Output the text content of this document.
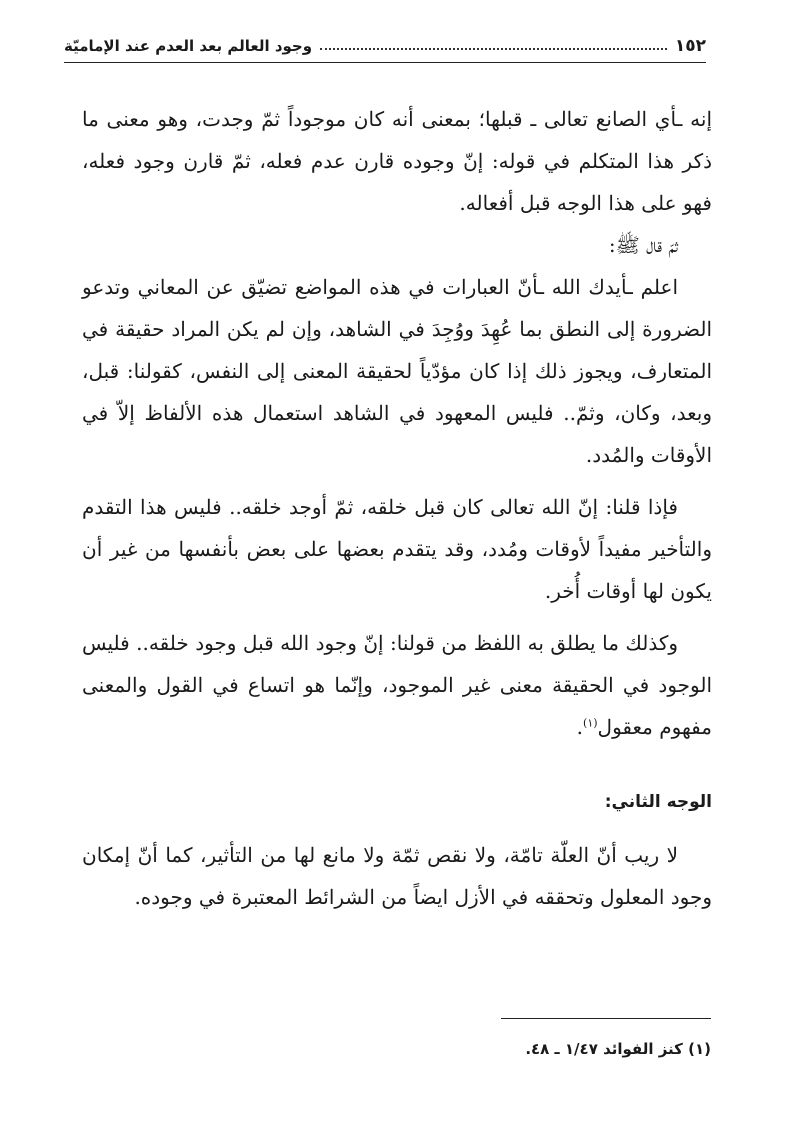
١٥٢
وجود العالم بعد العدم عند الإماميّة

إنه ـأي الصانع تعالى ـ قبلها؛ بمعنى أنه كان موجوداً ثمّ وجدت، وهو معنى ما ذكر هذا المتكلم في قوله: إنّ وجوده قارن عدم فعله، ثمّ قارن وجود فعله، فهو على هذا الوجه قبل أفعاله.

ثمّ قال ﷺ:

اعلم ـأيدك الله ـأنّ العبارات في هذه المواضع تضيّق عن المعاني وتدعو الضرورة إلى النطق بما عُهِدَ ووُجِدَ في الشاهد، وإن لم يكن المراد حقيقة في المتعارف، ويجوز ذلك إذا كان مؤدّياً لحقيقة المعنى إلى النفس، كقولنا: قبل، وبعد، وكان، وثمّ.. فليس المعهود في الشاهد استعمال هذه الألفاظ إلاّ في الأوقات والمُدد.

فإذا قلنا: إنّ الله تعالى كان قبل خلقه، ثمّ أوجد خلقه.. فليس هذا التقدم والتأخير مفيداً لأوقات ومُدد، وقد يتقدم بعضها على بعض بأنفسها من غير أن يكون لها أوقات أُخر.

وكذلك ما يطلق به اللفظ من قولنا: إنّ وجود الله قبل وجود خلقه.. فليس الوجود في الحقيقة معنى غير الموجود، وإنّما هو اتساع في القول والمعنى مفهوم معقول$^{(١)}$.

الوجه الثاني:

لا ريب أنّ العلّة تامّة، ولا نقص ثمّة ولا مانع لها من التأثير، كما أنّ إمكان وجود المعلول وتحققه في الأزل ايضاً من الشرائط المعتبرة في وجوده.

(١) كنز الفوائد ١/٤٧ ـ ٤٨.
